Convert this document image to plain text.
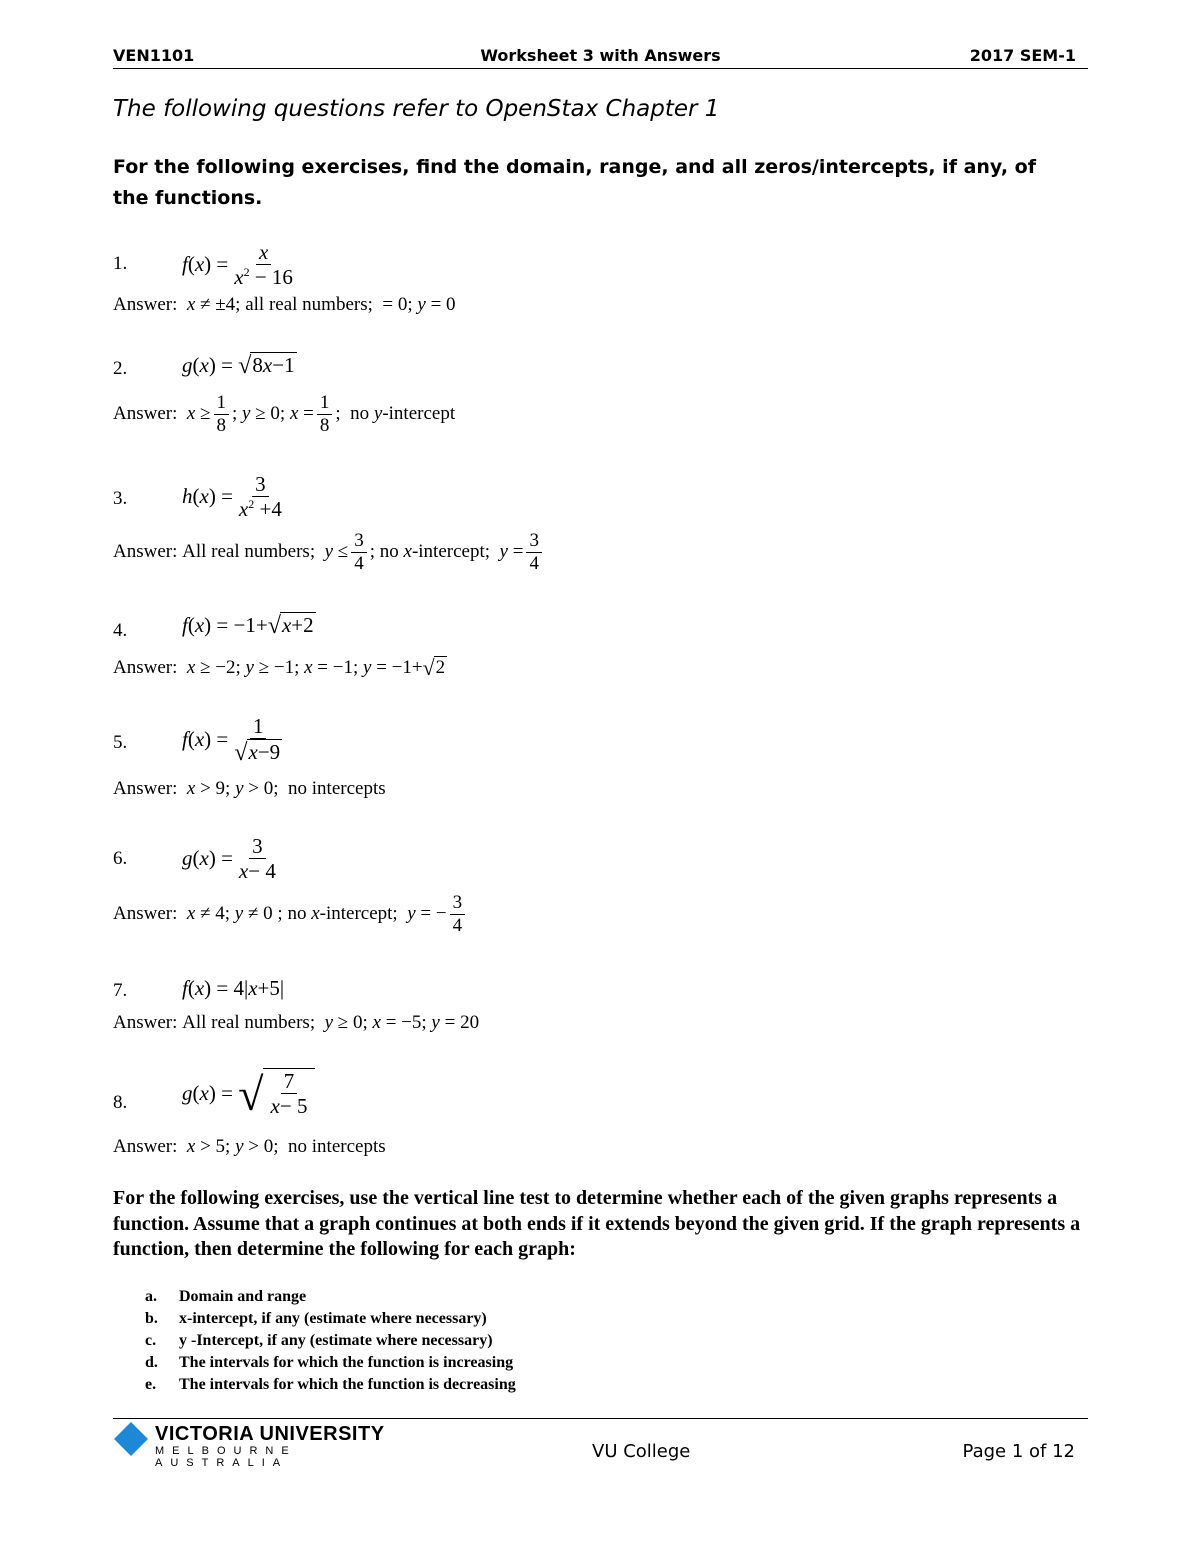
VEN1101	Worksheet 3 with Answers	2017 SEM-1
The following questions refer to OpenStax Chapter 1
For the following exercises, find the domain, range, and all zeros/intercepts, if any, of the functions.
1.	f ( x ) = $\frac{x}{x^2 - 16}$
Answer:
x ≠ ±4; all real numbers;  = 0; y = 0
2.	g ( x ) = √ 8x−1
Answer:
$x \ge \frac{1}{8}$ ; y ≥ 0; $x = \frac{1}{8}$ ;  no y -intercept
3.	h ( x ) = $\frac{3}{x^2 +4}$
Answer: All real numbers; $y \le \frac{3}{4}$ ; no x -intercept; $y = \frac{3}{4}$
4.	f ( x ) = −1+ √ x+2
Answer:
x ≥ −2; y ≥ −1; x = −1; y = −1+ √ 2
5.	f ( x ) = $\frac{1}{√ x-9}$
Answer:
x > 9; y > 0;  no intercepts
6.	g ( x ) = $\frac{3}{x- 4}$
Answer:
x ≠ 4; y ≠ 0 ; no x -intercept; y = − $\frac{3}{4}$
7.	f ( x ) = 4| x +5|
Answer: All real numbers; y ≥ 0; x = −5; y = 20
8.	g ( x ) = √ $\frac{7}{x- 5}$
Answer:
x > 5; y > 0;  no intercepts
For the following exercises, use the vertical line test to determine whether each of the given graphs represents a function. Assume that a graph continues at both ends if it extends beyond the given grid. If the graph represents a function, then determine the following for each graph:
a.	Domain and range
b.	x-intercept, if any (estimate where necessary)
c.	y -Intercept, if any (estimate where necessary)
d.	The intervals for which the function is increasing
e.	The intervals for which the function is decreasing
VICTORIA UNIVERSITY
MELBOURNE AUSTRALIA
VU College	Page 1 of 12
